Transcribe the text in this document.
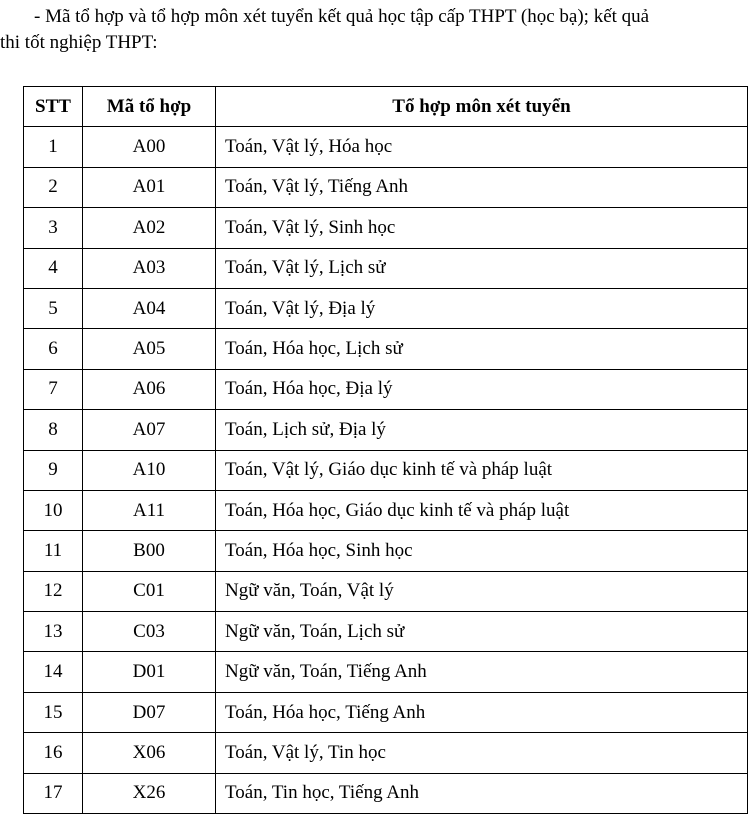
- Mã tổ hợp và tổ hợp môn xét tuyển kết quả học tập cấp THPT (học bạ); kết quả
thi tốt nghiệp THPT:
STT	Mã tổ hợp	Tổ hợp môn xét tuyển
1	A00	Toán, Vật lý, Hóa học
2	A01	Toán, Vật lý, Tiếng Anh
3	A02	Toán, Vật lý, Sinh học
4	A03	Toán, Vật lý, Lịch sử
5	A04	Toán, Vật lý, Địa lý
6	A05	Toán, Hóa học, Lịch sử
7	A06	Toán, Hóa học, Địa lý
8	A07	Toán, Lịch sử, Địa lý
9	A10	Toán, Vật lý, Giáo dục kinh tế và pháp luật
10	A11	Toán, Hóa học, Giáo dục kinh tế và pháp luật
11	B00	Toán, Hóa học, Sinh học
12	C01	Ngữ văn, Toán, Vật lý
13	C03	Ngữ văn, Toán, Lịch sử
14	D01	Ngữ văn, Toán, Tiếng Anh
15	D07	Toán, Hóa học, Tiếng Anh
16	X06	Toán, Vật lý, Tin học
17	X26	Toán, Tin học, Tiếng Anh
